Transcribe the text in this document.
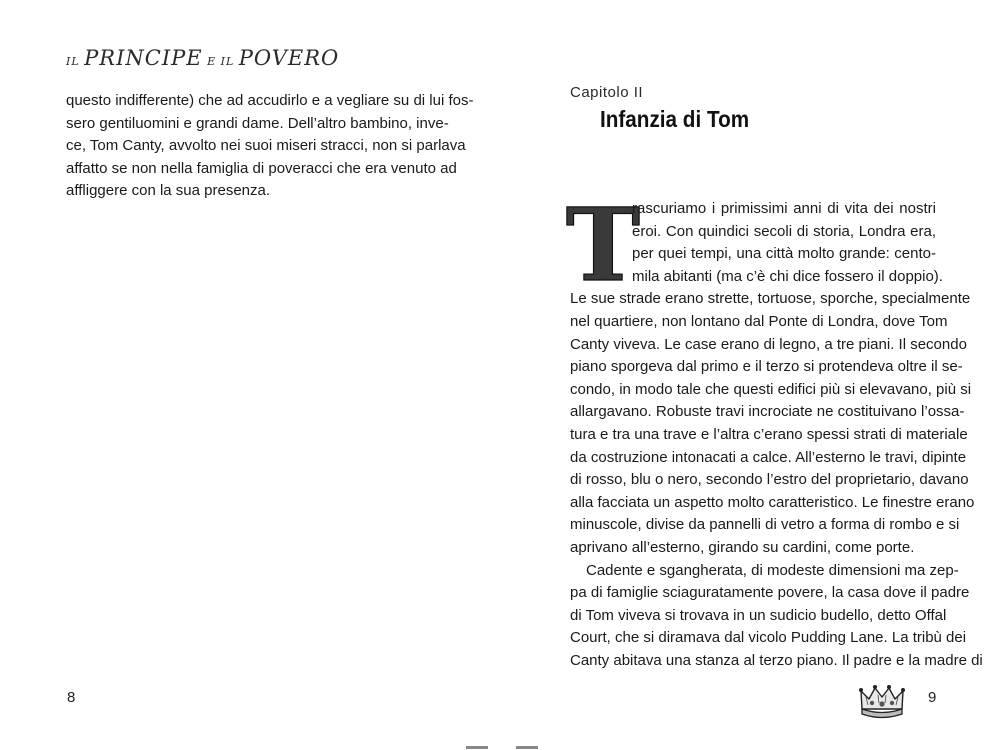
IL PRINCIPE E IL POVERO
questo indifferente) che ad accudirlo e a vegliare su di lui fos-
sero gentiluomini e grandi dame. Dell’altro bambino, inve-
ce, Tom Canty, avvolto nei suoi miseri stracci, non si parlava
affatto se non nella famiglia di poveracci che era venuto ad
affliggere con la sua presenza.
8
Capitolo II
Infanzia di Tom
T
rascuriamo i primissimi anni di vita dei nostri
eroi. Con quindici secoli di storia, Londra era,
per quei tempi, una città molto grande: cento-
mila abitanti (ma c’è chi dice fossero il doppio).
Le sue strade erano strette, tortuose, sporche, specialmente
nel quartiere, non lontano dal Ponte di Londra, dove Tom
Canty viveva. Le case erano di legno, a tre piani. Il secondo
piano sporgeva dal primo e il terzo si protendeva oltre il se-
condo, in modo tale che questi edifici più si elevavano, più si
allargavano. Robuste travi incrociate ne costituivano l’ossa-
tura e tra una trave e l’altra c’erano spessi strati di materiale
da costruzione intonacati a calce. All’esterno le travi, dipinte
di rosso, blu o nero, secondo l’estro del proprietario, davano
alla facciata un aspetto molto caratteristico. Le finestre erano
minuscole, divise da pannelli di vetro a forma di rombo e si
aprivano all’esterno, girando su cardini, come porte.
Cadente e sgangherata, di modeste dimensioni ma zep-
pa di famiglie sciaguratamente povere, la casa dove il padre
di Tom viveva si trovava in un sudicio budello, detto Offal
Court, che si diramava dal vicolo Pudding Lane. La tribù dei
Canty abitava una stanza al terzo piano. Il padre e la madre di
9
